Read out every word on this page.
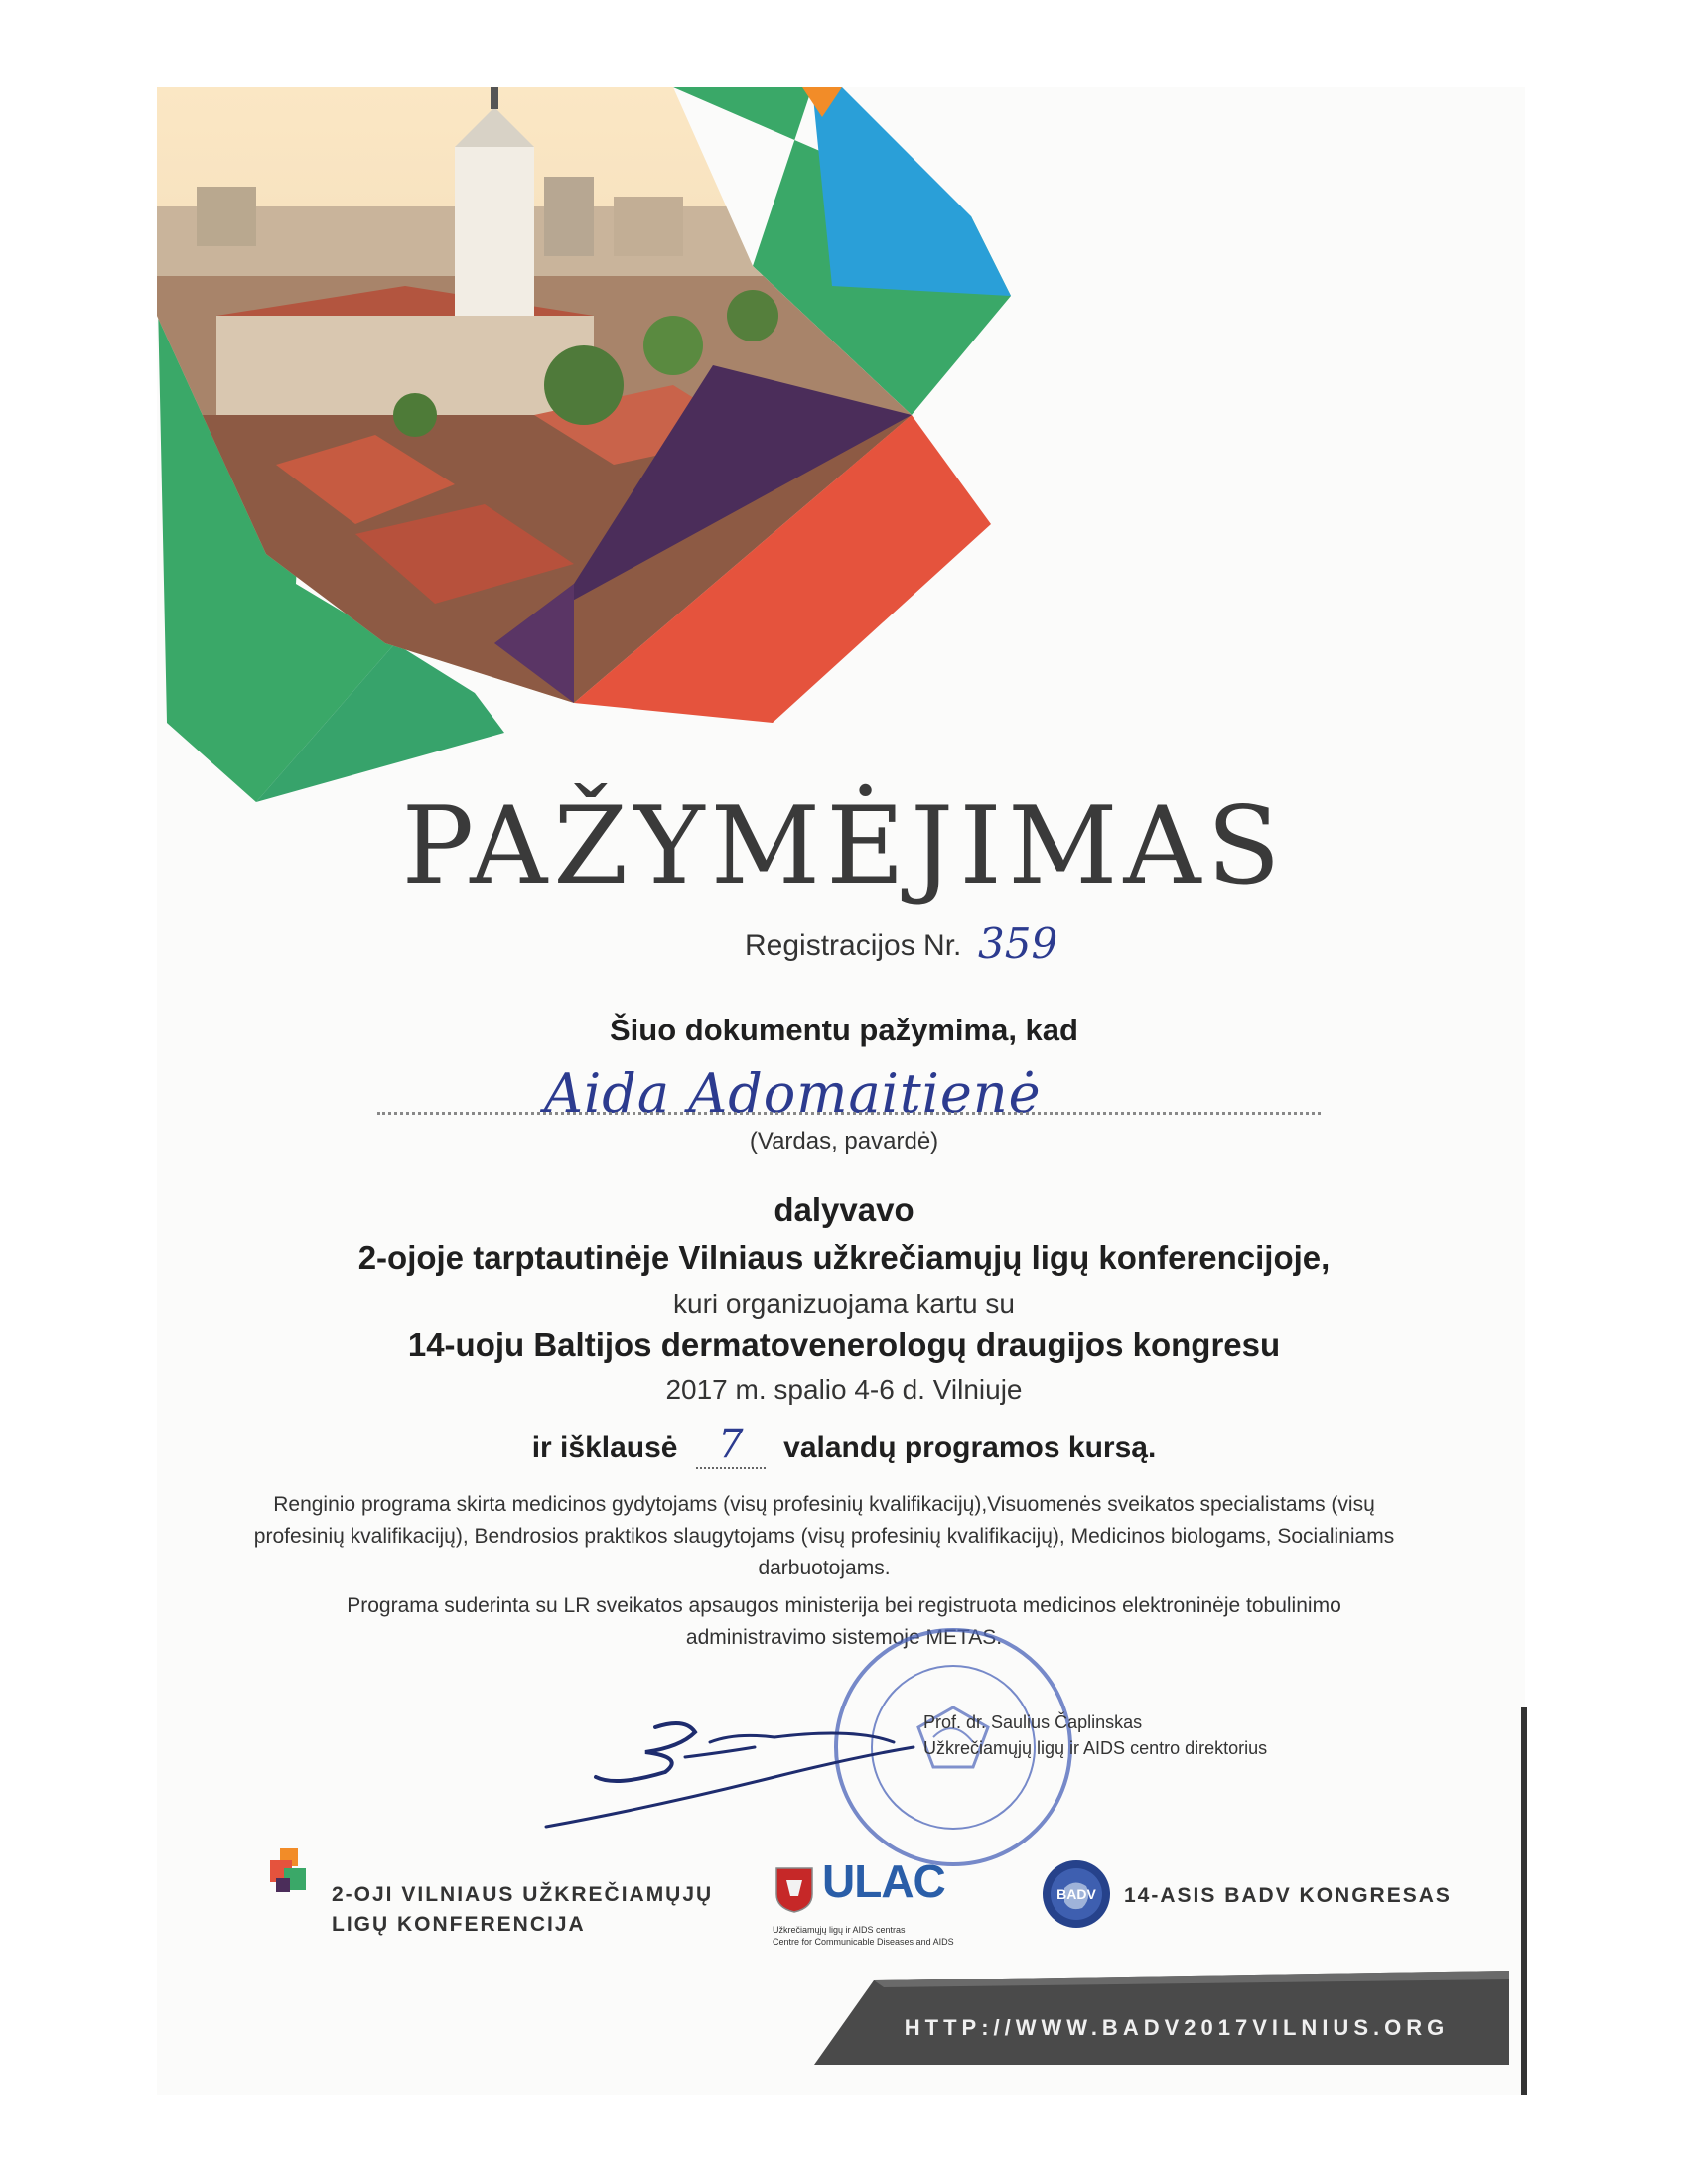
PAŽYMĖJIMAS
Registracijos Nr. 359
Šiuo dokumentu pažymima, kad
Aida Adomaitienė
(Vardas, pavardė)
dalyvavo
2-ojoje tarptautinėje Vilniaus užkrečiamųjų ligų konferencijoje,
kuri organizuojama kartu su
14-uoju Baltijos dermatovenerologų draugijos kongresu
2017 m. spalio 4-6 d. Vilniuje
ir išklausė 7 valandų programos kursą.
Renginio programa skirta medicinos gydytojams (visų profesinių kvalifikacijų),Visuomenės sveikatos specialistams (visų profesinių kvalifikacijų), Bendrosios praktikos slaugytojams (visų profesinių kvalifikacijų), Medicinos biologams, Socialiniams darbuotojams.
Programa suderinta su LR sveikatos apsaugos ministerija bei registruota medicinos elektroninėje tobulinimo administravimo sistemoje METAS.
Prof. dr. Saulius Čaplinskas
Užkrečiamųjų ligų ir AIDS centro direktorius
2-OJI VILNIAUS UŽKREČIAMŲJŲ
LIGŲ KONFERENCIJA
ULAC
Užkrečiamųjų ligų ir AIDS centras
Centre for Communicable Diseases and AIDS
BADV 14-ASIS BADV KONGRESAS
HTTP://WWW.BADV2017VILNIUS.ORG
